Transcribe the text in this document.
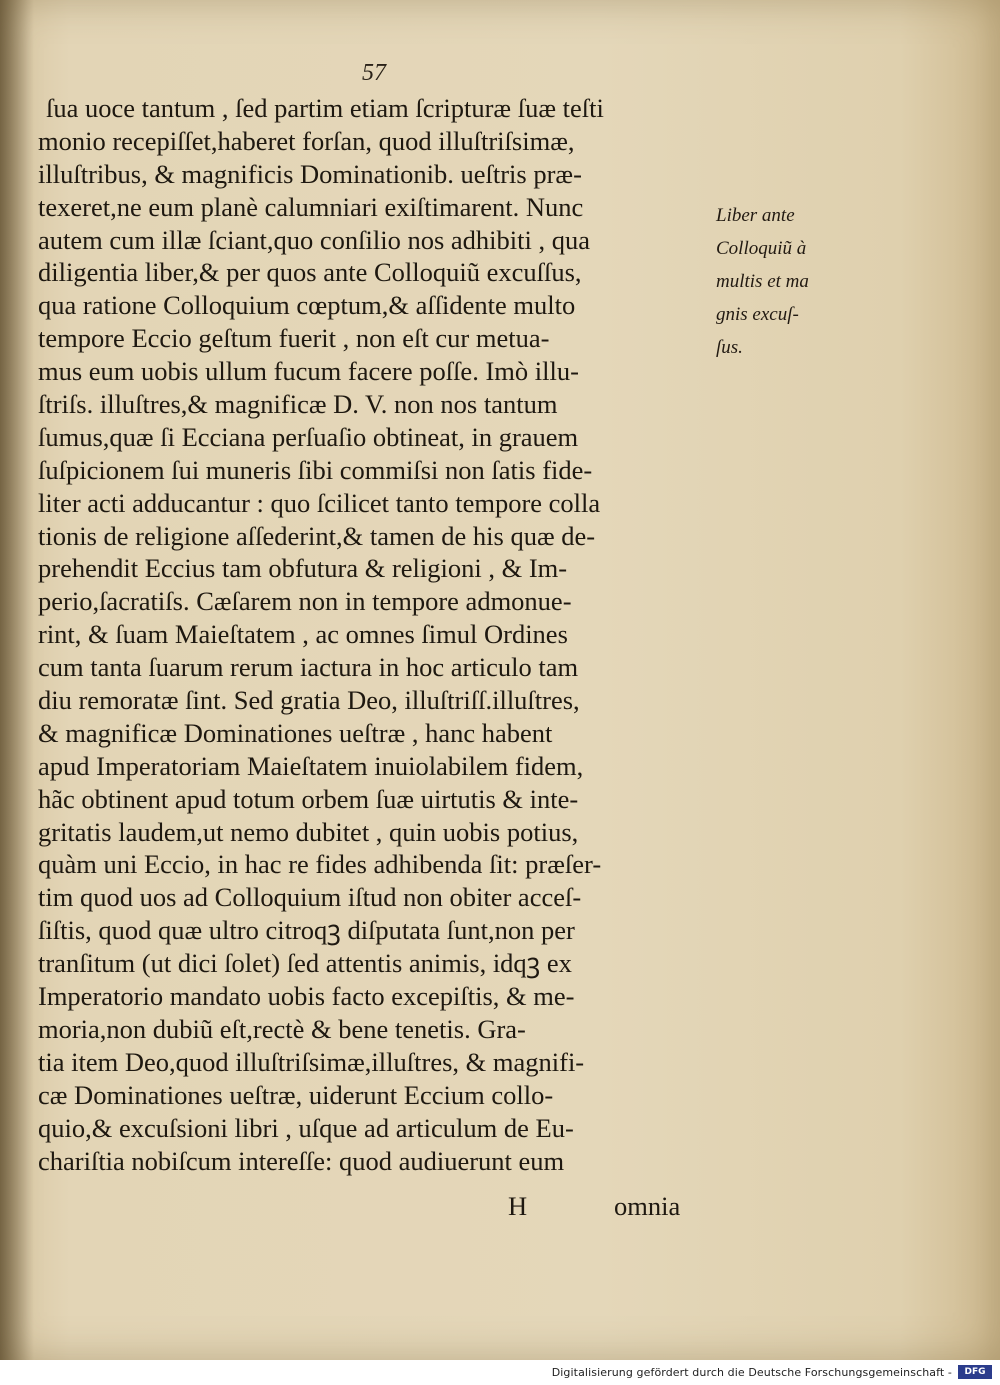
57
ſua uoce tantum , ſed partim etiam ſcripturæ ſuæ teſti
monio recepiſſet,haberet forſan, quod illuſtriſsimæ,
illuſtribus, & magnificis Dominationib. ueſtris præ-
texeret,ne eum planè calumniari exiſtimarent. Nunc
autem cum illæ ſciant,quo conſilio nos adhibiti , qua
diligentia liber,& per quos ante Colloquiũ excuſſus,
qua ratione Colloquium cœptum,& aſſidente multo
tempore Eccio geſtum fuerit , non eſt cur metua-
mus eum uobis ullum fucum facere poſſe. Imò illu-
ſtriſs. illuſtres,& magnificæ D. V. non nos tantum
ſumus,quæ ſi Ecciana perſuaſio obtineat, in grauem
ſuſpicionem ſui muneris ſibi commiſsi non ſatis fide-
liter acti adducantur : quo ſcilicet tanto tempore colla
tionis de religione aſſederint,& tamen de his quæ de-
prehendit Eccius tam obfutura & religioni , & Im-
perio,ſacratiſs. Cæſarem non in tempore admonue-
rint, & ſuam Maieſtatem , ac omnes ſimul Ordines
cum tanta ſuarum rerum iactura in hoc articulo tam
diu remoratæ ſint. Sed gratia Deo, illuſtriſſ.illuſtres,
& magnificæ Dominationes ueſtræ , hanc habent
apud Imperatoriam Maieſtatem inuiolabilem fidem,
hãc obtinent apud totum orbem ſuæ uirtutis & inte-
gritatis laudem,ut nemo dubitet , quin uobis potius,
quàm uni Eccio, in hac re fides adhibenda ſit: præſer-
tim quod uos ad Colloquium iſtud non obiter acceſ-
ſiſtis, quod quæ ultro citroqꝫ diſputata ſunt,non per
tranſitum (ut dici ſolet) ſed attentis animis, idqꝫ ex
Imperatorio mandato uobis facto excepiſtis, & me-
moria,non dubiũ eſt,rectè & bene tenetis. Gra-
tia item Deo,quod illuſtriſsimæ,illuſtres, & magnifi-
cæ Dominationes ueſtræ, uiderunt Eccium collo-
quio,& excuſsioni libri , uſque ad articulum de Eu-
chariſtia nobiſcum intereſſe: quod audiuerunt eum
H	omnia
Liber ante
Colloquiũ à
multis et ma
gnis excuſ-
ſus.
Digitalisierung gefördert durch die Deutsche Forschungsgemeinschaft -	DFG
